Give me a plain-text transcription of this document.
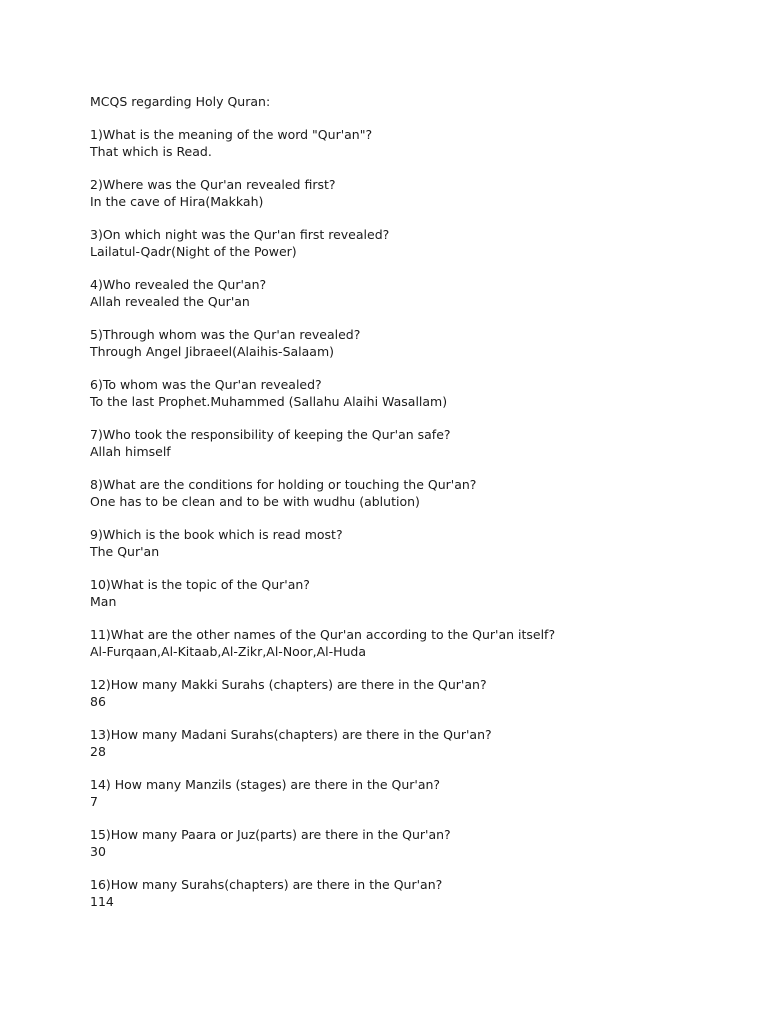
MCQS regarding Holy Quran:
1)What is the meaning of the word "Qur'an"?
That which is Read.
2)Where was the Qur'an revealed first?
In the cave of Hira(Makkah)
3)On which night was the Qur'an first revealed?
Lailatul-Qadr(Night of the Power)
4)Who revealed the Qur'an?
Allah revealed the Qur'an
5)Through whom was the Qur'an revealed?
Through Angel Jibraeel(Alaihis-Salaam)
6)To whom was the Qur'an revealed?
To the last Prophet.Muhammed (Sallahu Alaihi Wasallam)
7)Who took the responsibility of keeping the Qur'an safe?
Allah himself
8)What are the conditions for holding or touching the Qur'an?
One has to be clean and to be with wudhu (ablution)
9)Which is the book which is read most?
The Qur'an
10)What is the topic of the Qur'an?
Man
11)What are the other names of the Qur'an according to the Qur'an itself?
Al-Furqaan,Al-Kitaab,Al-Zikr,Al-Noor,Al-Huda
12)How many Makki Surahs (chapters) are there in the Qur'an?
86
13)How many Madani Surahs(chapters) are there in the Qur'an?
28
14) How many Manzils (stages) are there in the Qur'an?
7
15)How many Paara or Juz(parts) are there in the Qur'an?
30
16)How many Surahs(chapters) are there in the Qur'an?
114
